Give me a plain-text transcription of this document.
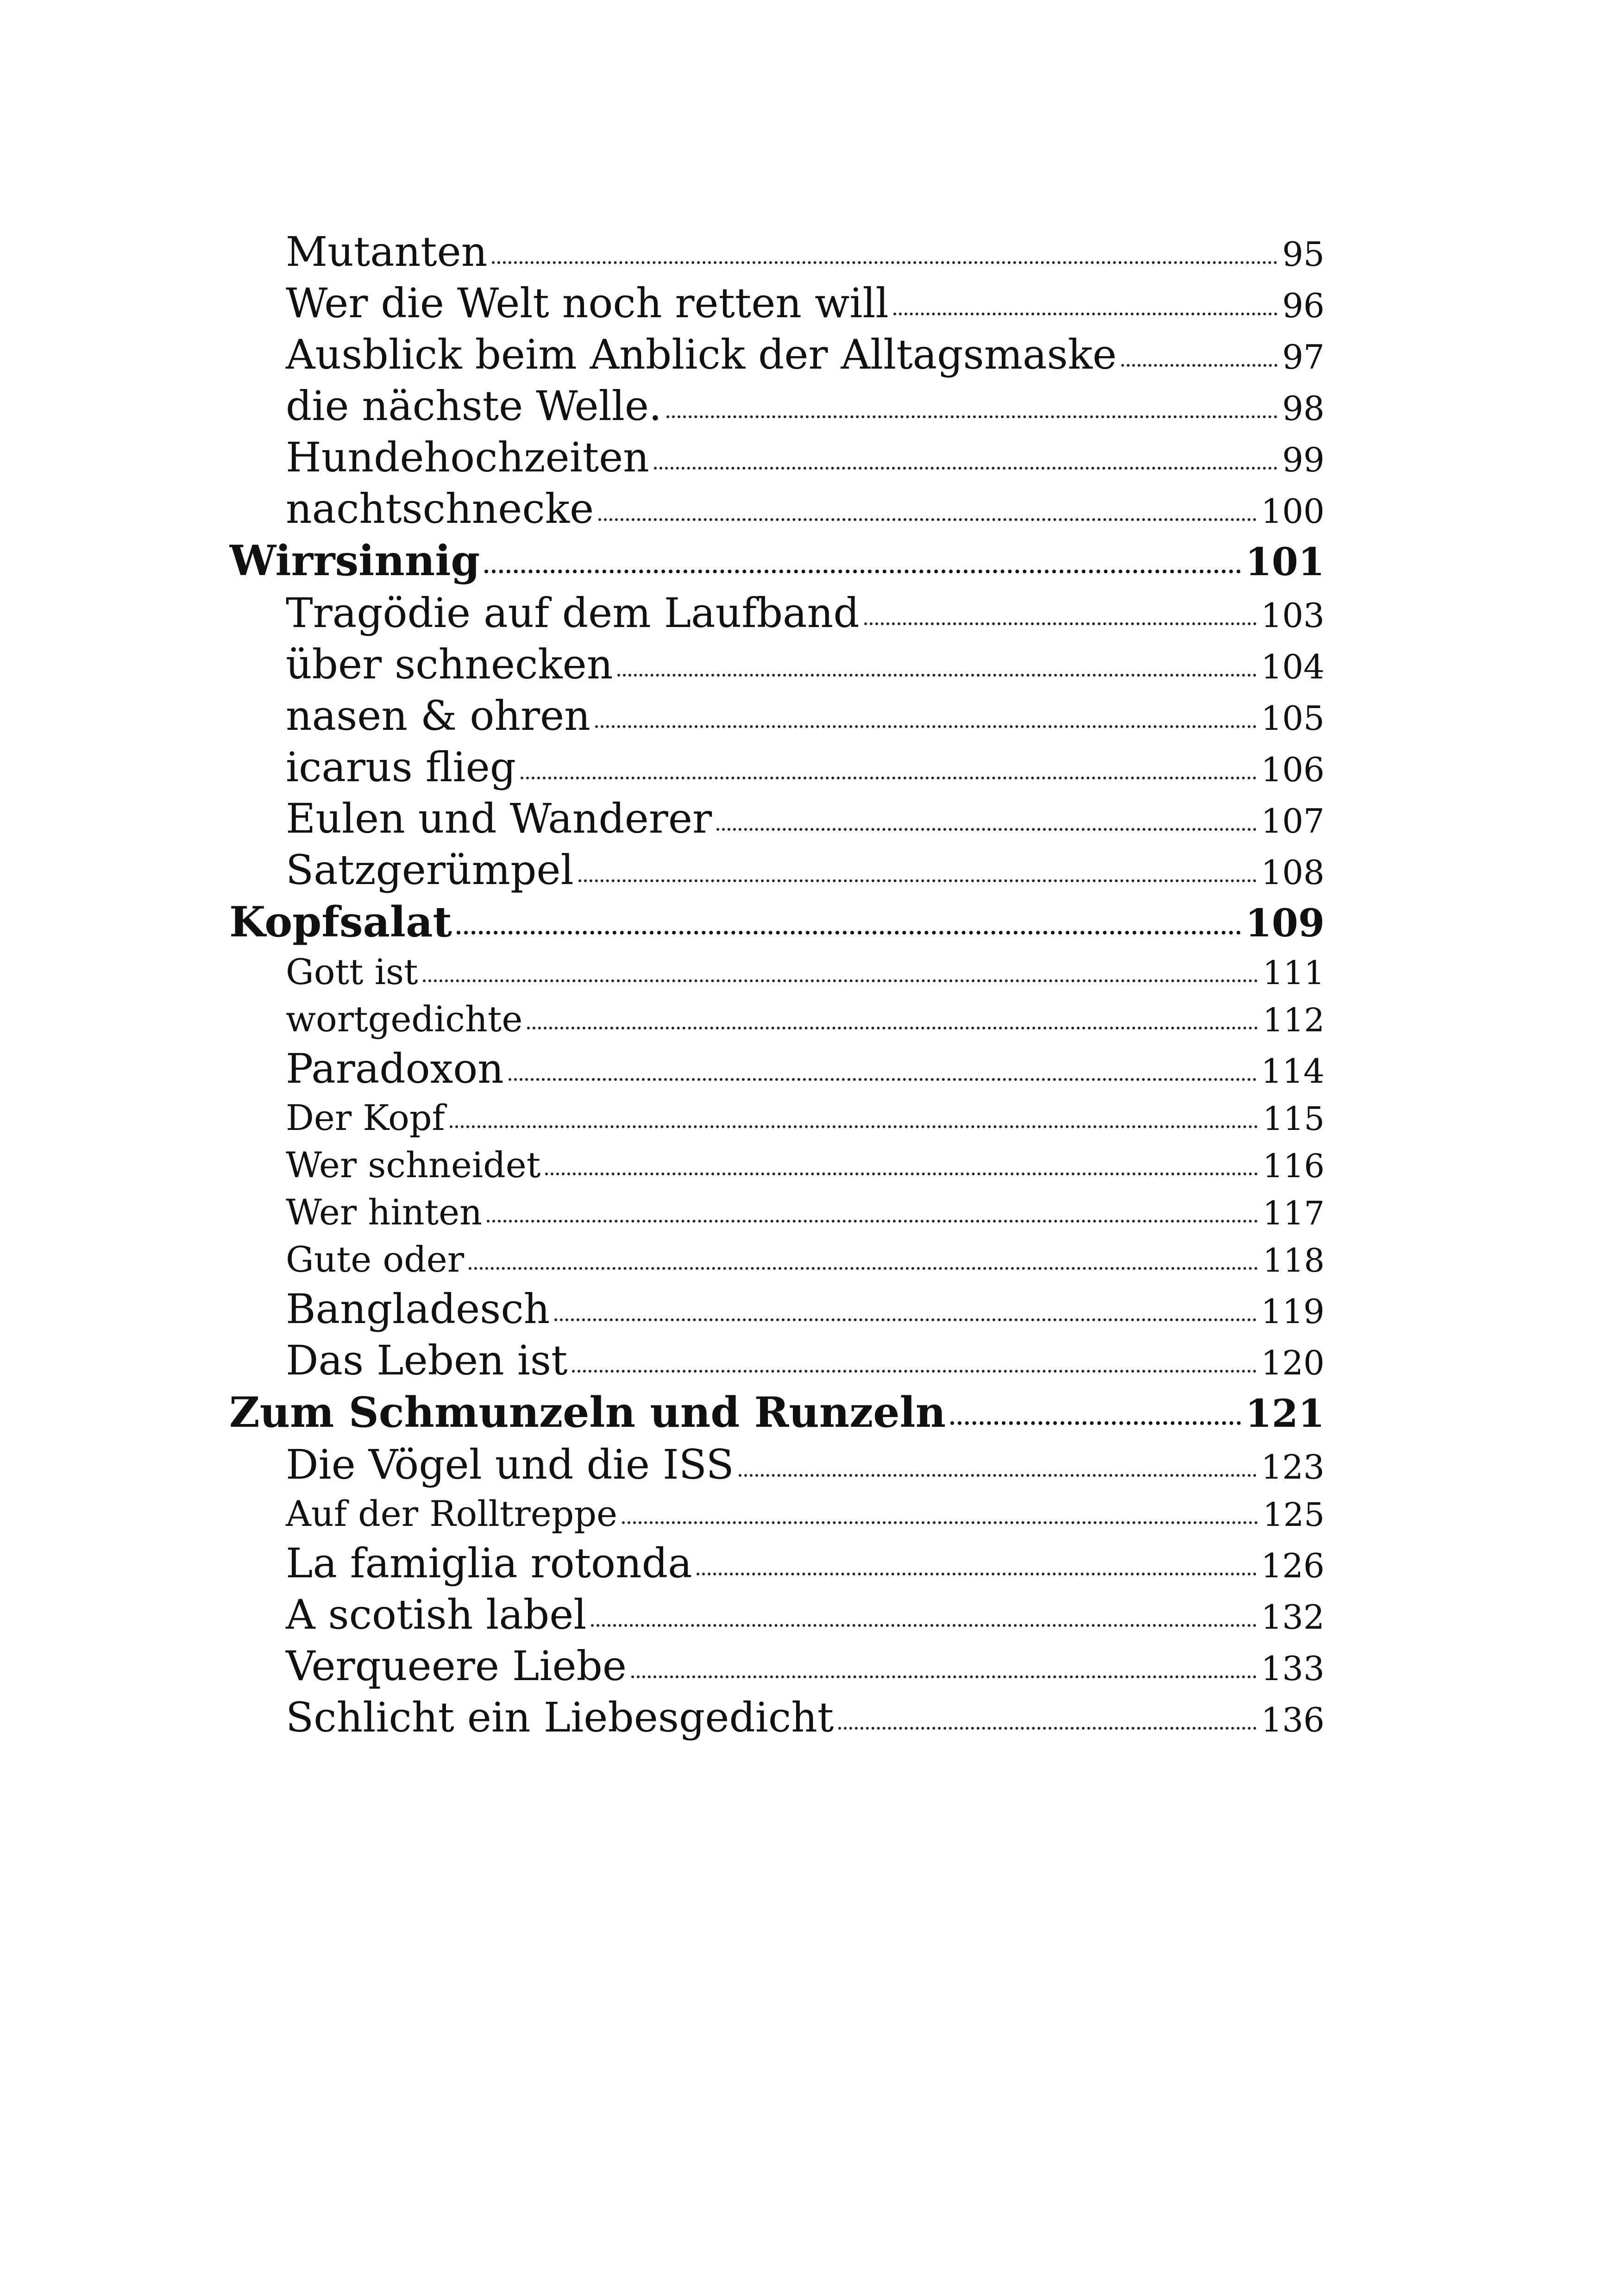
Mutanten	95
Wer die Welt noch retten will	96
Ausblick beim Anblick der Alltagsmaske	97
die nächste Welle.	98
Hundehochzeiten	99
nachtschnecke	100
Wirrsinnig	101
Tragödie auf dem Laufband	103
über schnecken	104
nasen & ohren	105
icarus flieg	106
Eulen und Wanderer	107
Satzgerümpel	108
Kopfsalat	109
Gott ist	111
wortgedichte	112
Paradoxon	114
Der Kopf	115
Wer schneidet	116
Wer hinten	117
Gute oder	118
Bangladesch	119
Das Leben ist	120
Zum Schmunzeln und Runzeln	121
Die Vögel und die ISS	123
Auf der Rolltreppe	125
La famiglia rotonda	126
A scotish label	132
Verqueere Liebe	133
Schlicht ein Liebesgedicht	136
